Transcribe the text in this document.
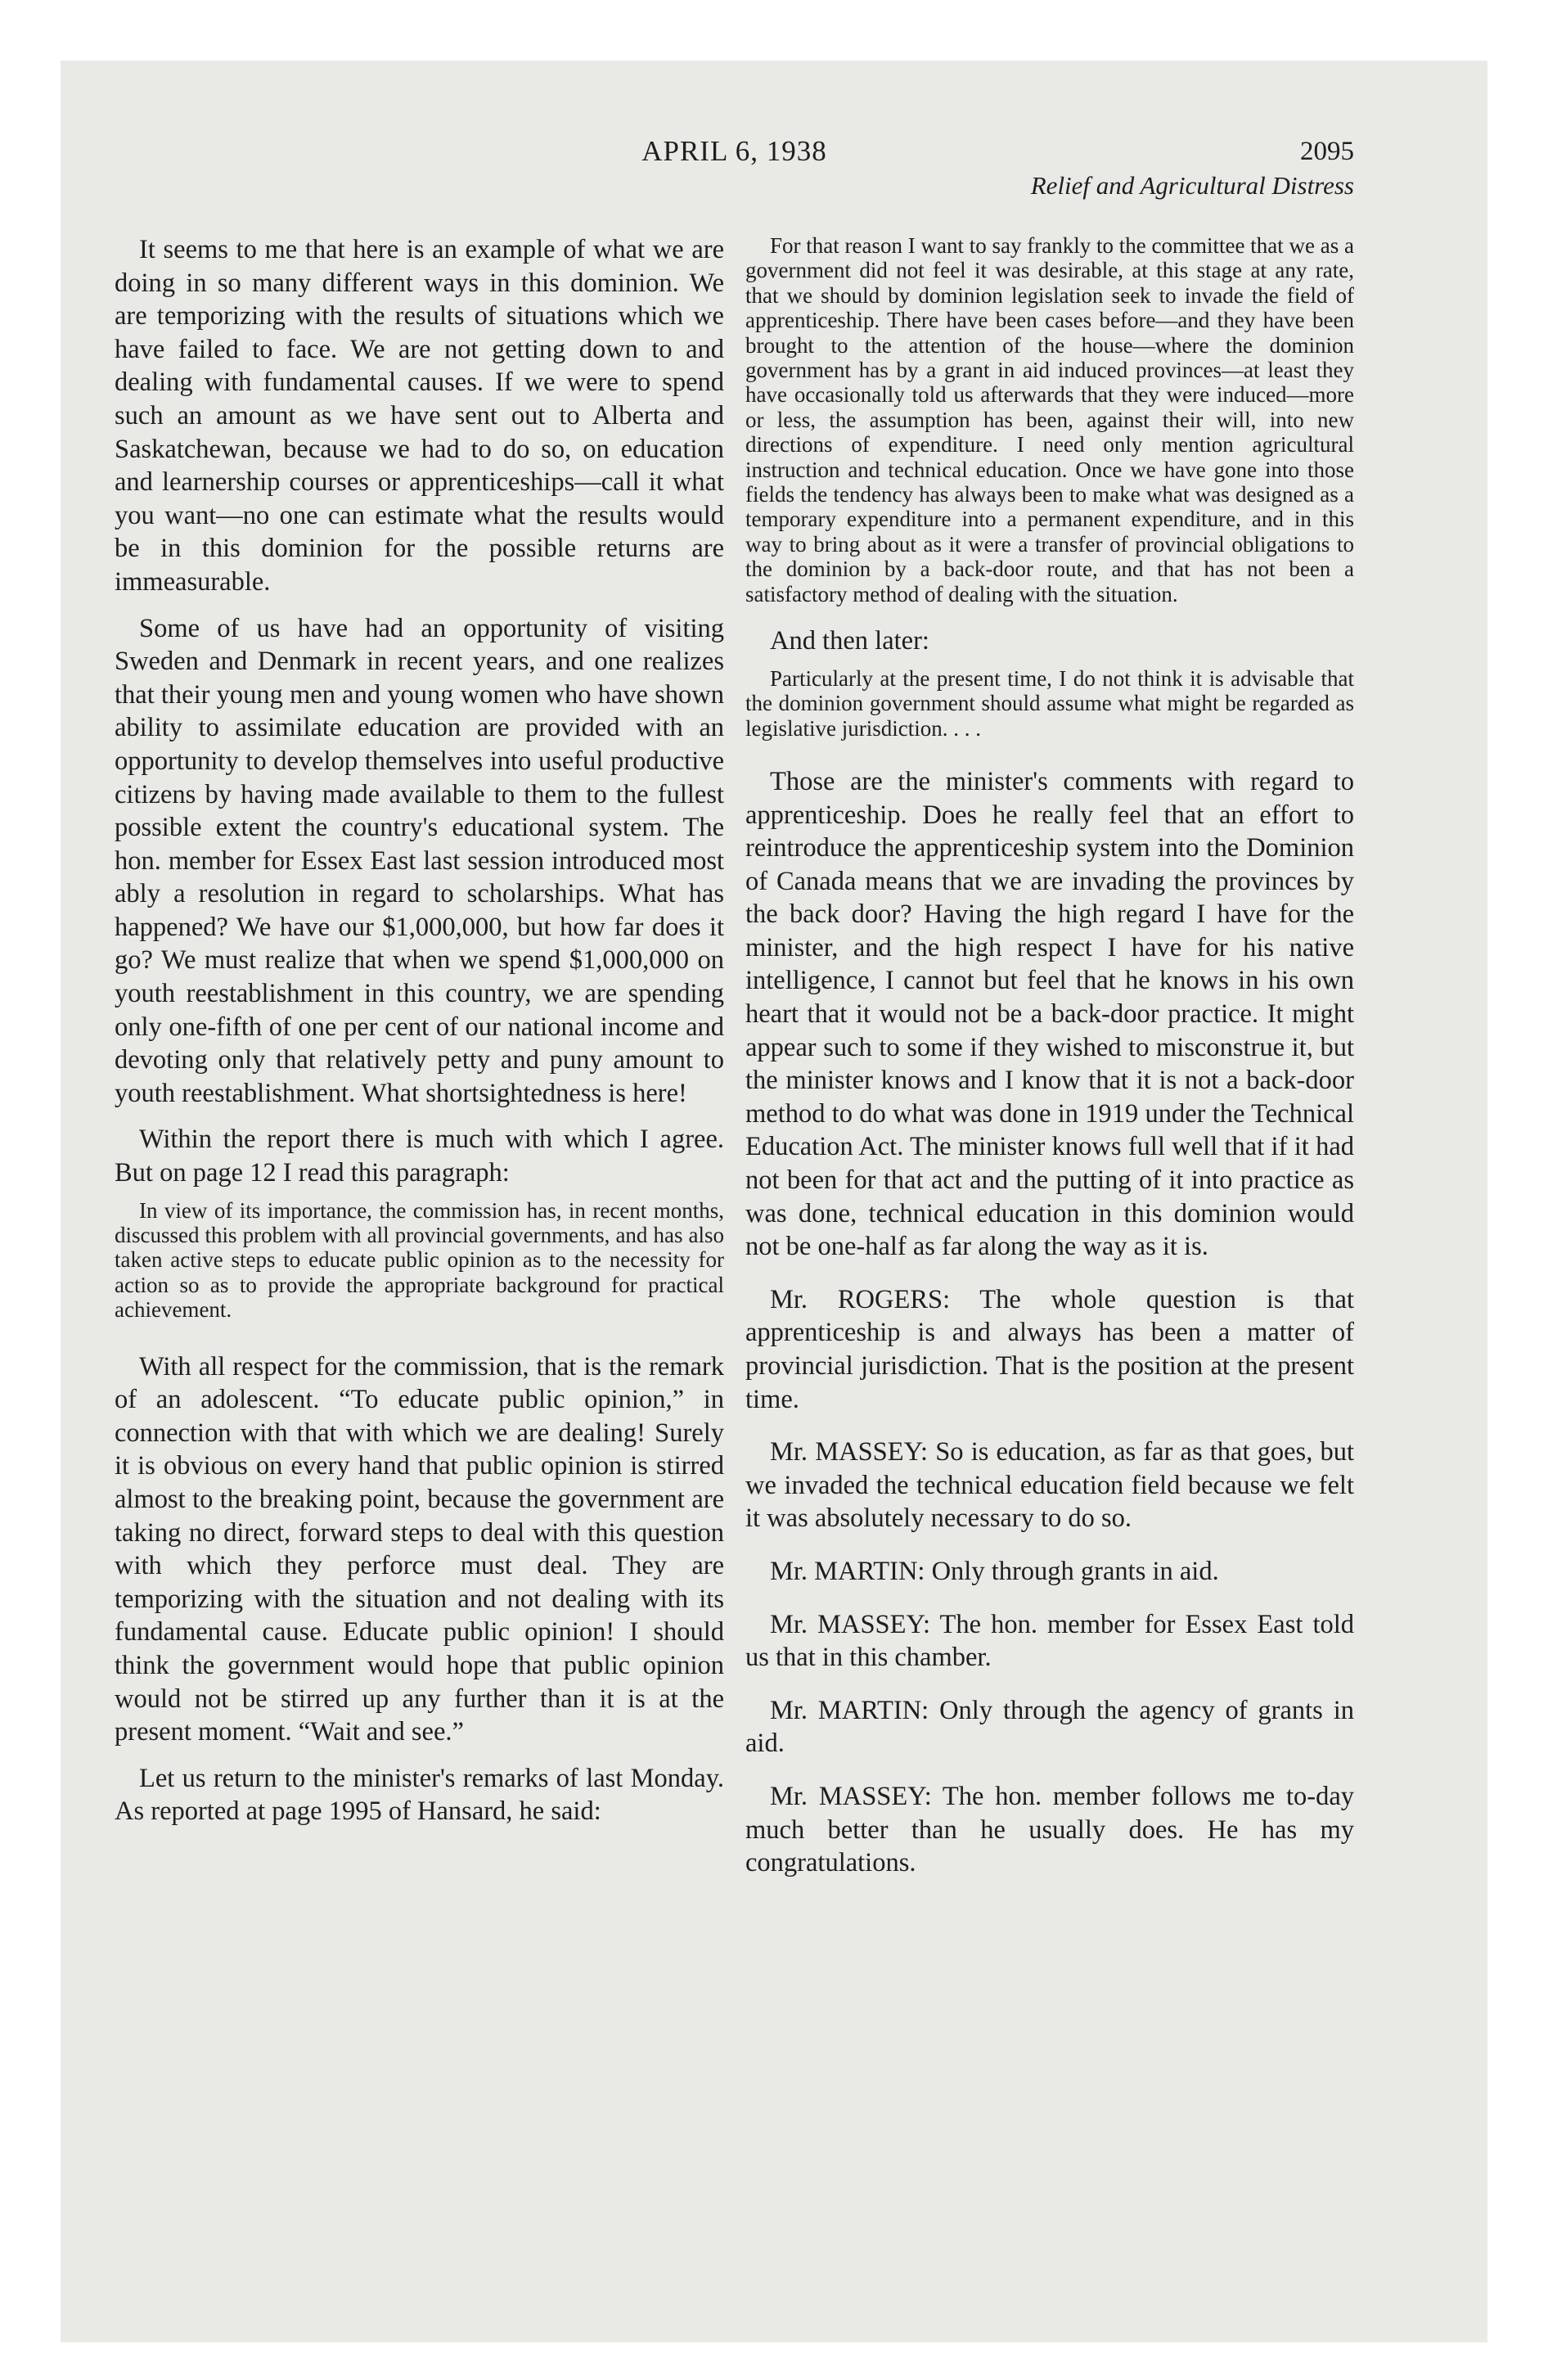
APRIL 6, 1938	2095
Relief and Agricultural Distress

It seems to me that here is an example of what we are doing in so many different ways in this dominion. We are temporizing with the results of situations which we have failed to face. We are not getting down to and dealing with fundamental causes. If we were to spend such an amount as we have sent out to Alberta and Saskatchewan, because we had to do so, on education and learnership courses or apprenticeships—call it what you want—no one can estimate what the results would be in this dominion for the possible returns are immeasurable.

Some of us have had an opportunity of visiting Sweden and Denmark in recent years, and one realizes that their young men and young women who have shown ability to assimilate education are provided with an opportunity to develop themselves into useful productive citizens by having made available to them to the fullest possible extent the country's educational system. The hon. member for Essex East last session introduced most ably a resolution in regard to scholarships. What has happened? We have our $1,000,000, but how far does it go? We must realize that when we spend $1,000,000 on youth reestablishment in this country, we are spending only one-fifth of one per cent of our national income and devoting only that relatively petty and puny amount to youth reestablishment. What shortsightedness is here!

Within the report there is much with which I agree. But on page 12 I read this paragraph:

In view of its importance, the commission has, in recent months, discussed this problem with all provincial governments, and has also taken active steps to educate public opinion as to the necessity for action so as to provide the appropriate background for practical achievement.

With all respect for the commission, that is the remark of an adolescent. “To educate public opinion,” in connection with that with which we are dealing! Surely it is obvious on every hand that public opinion is stirred almost to the breaking point, because the government are taking no direct, forward steps to deal with this question with which they perforce must deal. They are temporizing with the situation and not dealing with its fundamental cause. Educate public opinion! I should think the government would hope that public opinion would not be stirred up any further than it is at the present moment. “Wait and see.”

Let us return to the minister's remarks of last Monday. As reported at page 1995 of Hansard, he said:

For that reason I want to say frankly to the committee that we as a government did not feel it was desirable, at this stage at any rate, that we should by dominion legislation seek to invade the field of apprenticeship. There have been cases before—and they have been brought to the attention of the house—where the dominion government has by a grant in aid induced provinces—at least they have occasionally told us afterwards that they were induced—more or less, the assumption has been, against their will, into new directions of expenditure. I need only mention agricultural instruction and technical education. Once we have gone into those fields the tendency has always been to make what was designed as a temporary expenditure into a permanent expenditure, and in this way to bring about as it were a transfer of provincial obligations to the dominion by a back-door route, and that has not been a satisfactory method of dealing with the situation.

And then later:

Particularly at the present time, I do not think it is advisable that the dominion government should assume what might be regarded as legislative jurisdiction. . . .

Those are the minister's comments with regard to apprenticeship. Does he really feel that an effort to reintroduce the apprenticeship system into the Dominion of Canada means that we are invading the provinces by the back door? Having the high regard I have for the minister, and the high respect I have for his native intelligence, I cannot but feel that he knows in his own heart that it would not be a back-door practice. It might appear such to some if they wished to misconstrue it, but the minister knows and I know that it is not a back-door method to do what was done in 1919 under the Technical Education Act. The minister knows full well that if it had not been for that act and the putting of it into practice as was done, technical education in this dominion would not be one-half as far along the way as it is.

Mr. ROGERS: The whole question is that apprenticeship is and always has been a matter of provincial jurisdiction. That is the position at the present time.

Mr. MASSEY: So is education, as far as that goes, but we invaded the technical education field because we felt it was absolutely necessary to do so.

Mr. MARTIN: Only through grants in aid.

Mr. MASSEY: The hon. member for Essex East told us that in this chamber.

Mr. MARTIN: Only through the agency of grants in aid.

Mr. MASSEY: The hon. member follows me to-day much better than he usually does. He has my congratulations.
